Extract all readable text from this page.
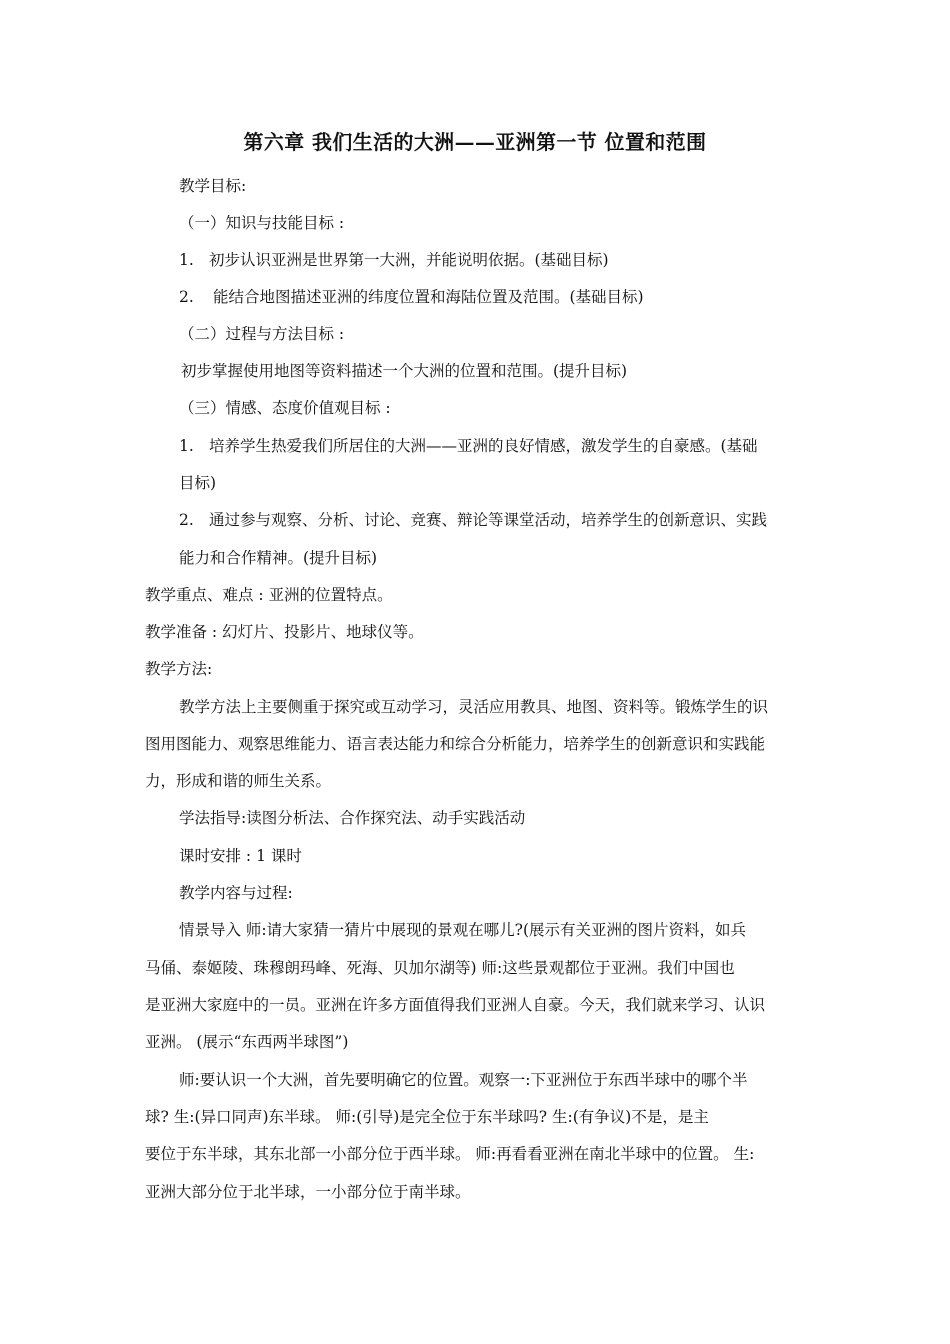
第六章 我们生活的大洲——亚洲第一节 位置和范围
教学目标:
（一）知识与技能目标 :
1. 初步认识亚洲是世界第一大洲，并能说明依据。(基础目标)
2. 能结合地图描述亚洲的纬度位置和海陆位置及范围。(基础目标)
（二）过程与方法目标 :
初步掌握使用地图等资料描述一个大洲的位置和范围。(提升目标)
（三）情感、态度价值观目标 :
1. 培养学生热爱我们所居住的大洲——亚洲的良好情感，激发学生的自豪感。(基础
目标)
2. 通过参与观察、分析、讨论、竞赛、辩论等课堂活动，培养学生的创新意识、实践
能力和合作精神。(提升目标)
教学重点、难点 : 亚洲的位置特点。
教学准备 : 幻灯片、投影片、地球仪等。
教学方法:
教学方法上主要侧重于探究或互动学习，灵活应用教具、地图、资料等。锻炼学生的识
图用图能力、观察思维能力、语言表达能力和综合分析能力，培养学生的创新意识和实践能
力，形成和谐的师生关系。
学法指导:读图分析法、合作探究法、动手实践活动
课时安排 : 1 课时
教学内容与过程:
情景导入 师:请大家猜一猜片中展现的景观在哪儿?(展示有关亚洲的图片资料，如兵
马俑、泰姬陵、珠穆朗玛峰、死海、贝加尔湖等) 师:这些景观都位于亚洲。我们中国也
是亚洲大家庭中的一员。亚洲在许多方面值得我们亚洲人自豪。今天，我们就来学习、认识
亚洲。 (展示“东西两半球图”)
师:要认识一个大洲，首先要明确它的位置。观察一:下亚洲位于东西半球中的哪个半
球? 生:(异口同声)东半球。 师:(引导)是完全位于东半球吗? 生:(有争议)不是，是主
要位于东半球，其东北部一小部分位于西半球。 师:再看看亚洲在南北半球中的位置。 生:
亚洲大部分位于北半球，一小部分位于南半球。
